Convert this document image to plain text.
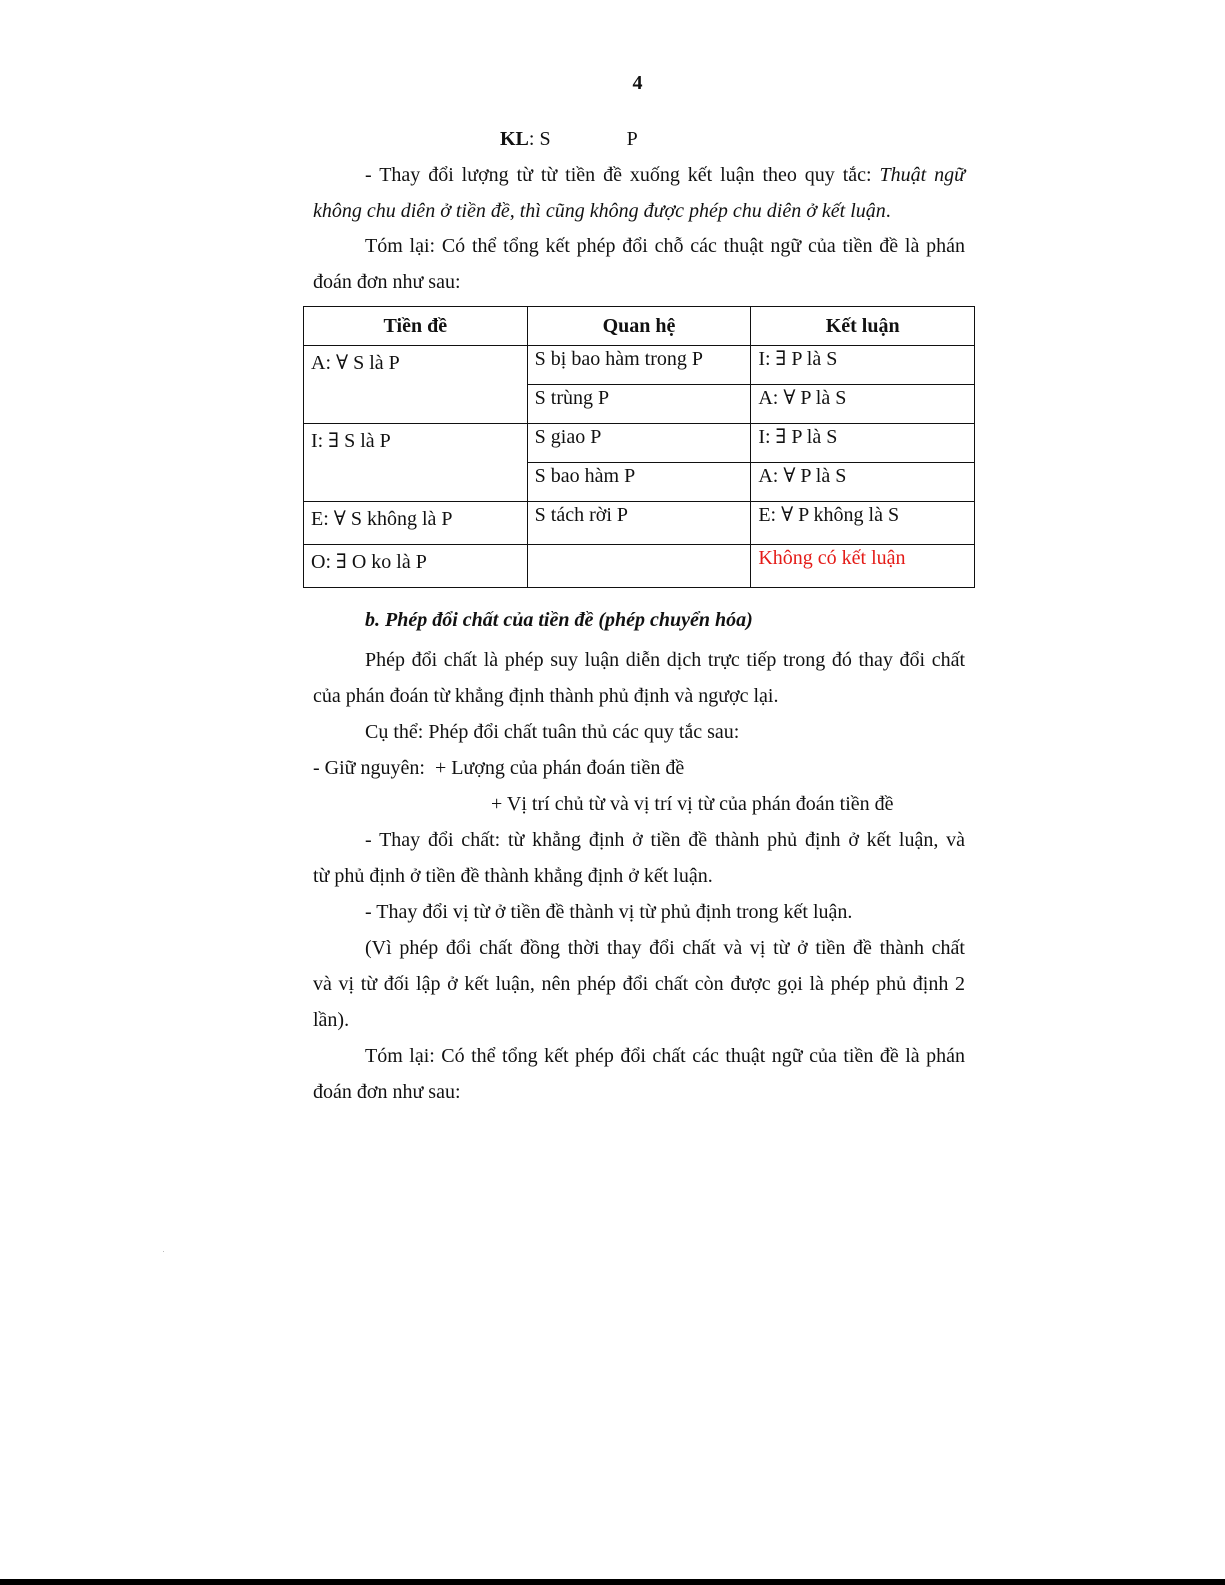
4
KL: S	P
- Thay đổi lượng từ từ tiền đề xuống kết luận theo quy tắc: Thuật ngữ
không chu diên ở tiền đề, thì cũng không được phép chu diên ở kết luận.
Tóm lại: Có thể tổng kết phép đổi chỗ các thuật ngữ của tiền đề là phán
đoán đơn như sau:
Tiền đề	Quan hệ	Kết luận
A: ∀ S là P	S bị bao hàm trong P	I: ∃ P là S
	S trùng P	A: ∀ P là S
I: ∃ S là P	S giao P	I: ∃ P là S
	S bao hàm P	A: ∀ P là S
E: ∀ S không là P	S tách rời P	E: ∀ P không là S
O: ∃ O ko là P		Không có kết luận
b. Phép đổi chất của tiền đề (phép chuyển hóa)
Phép đổi chất là phép suy luận diễn dịch trực tiếp trong đó thay đổi chất
của phán đoán từ khẳng định thành phủ định và ngược lại.
Cụ thể: Phép đổi chất tuân thủ các quy tắc sau:
- Giữ nguyên: + Lượng của phán đoán tiền đề
+ Vị trí chủ từ và vị trí vị từ của phán đoán tiền đề
- Thay đổi chất: từ khẳng định ở tiền đề thành phủ định ở kết luận, và
từ phủ định ở tiền đề thành khẳng định ở kết luận.
- Thay đổi vị từ ở tiền đề thành vị từ phủ định trong kết luận.
(Vì phép đổi chất đồng thời thay đổi chất và vị từ ở tiền đề thành chất
và vị từ đối lập ở kết luận, nên phép đổi chất còn được gọi là phép phủ định 2
lần).
Tóm lại: Có thể tổng kết phép đổi chất các thuật ngữ của tiền đề là phán
đoán đơn như sau:
